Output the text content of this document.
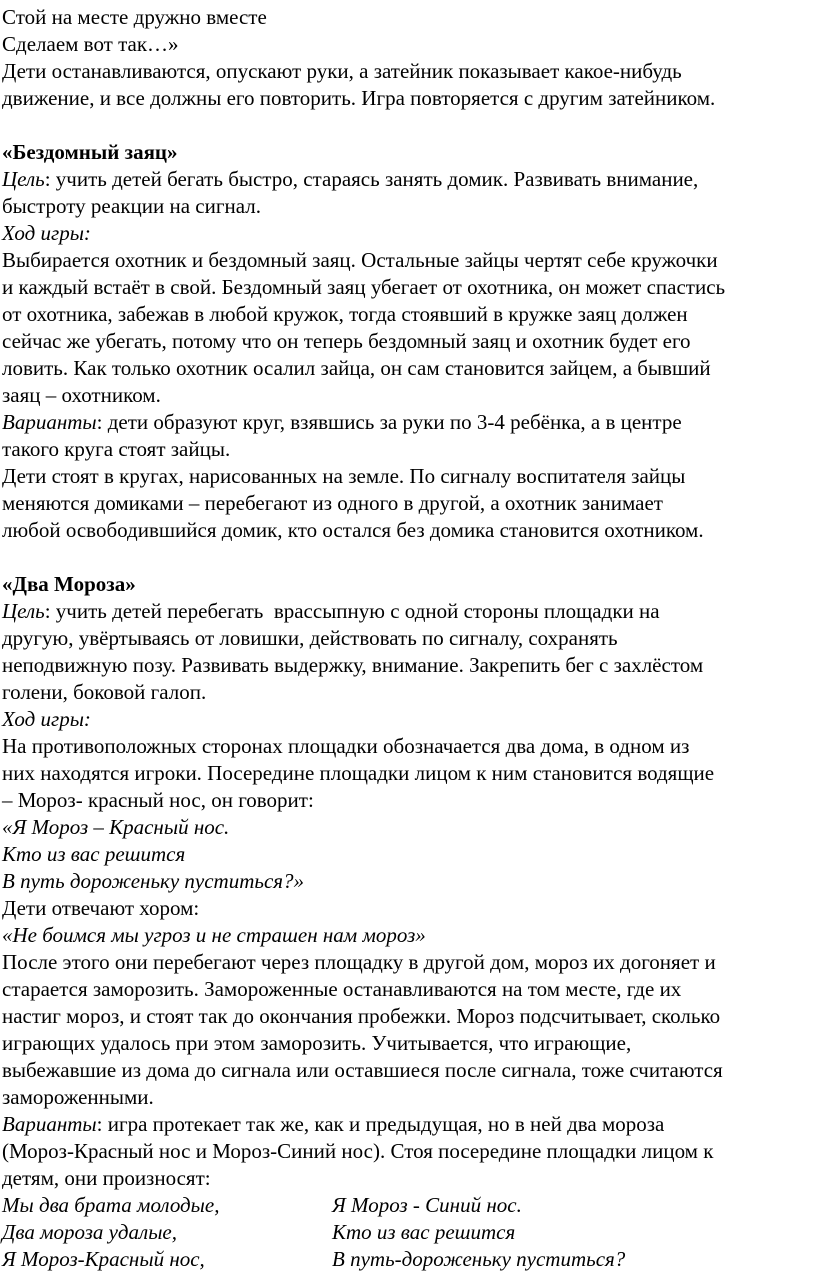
Стой на месте дружно вместе
Сделаем вот так…»
Дети останавливаются, опускают руки, а затейник показывает какое-нибудь
движение, и все должны его повторить. Игра повторяется с другим затейником.
«Бездомный заяц»
Цель: учить детей бегать быстро, стараясь занять домик. Развивать внимание,
быстроту реакции на сигнал.
Ход игры:
Выбирается охотник и бездомный заяц. Остальные зайцы чертят себе кружочки
и каждый встаёт в свой. Бездомный заяц убегает от охотника, он может спастись
от охотника, забежав в любой кружок, тогда стоявший в кружке заяц должен
сейчас же убегать, потому что он теперь бездомный заяц и охотник будет его
ловить. Как только охотник осалил зайца, он сам становится зайцем, а бывший
заяц – охотником.
Варианты: дети образуют круг, взявшись за руки по 3-4 ребёнка, а в центре
такого круга стоят зайцы.
Дети стоят в кругах, нарисованных на земле. По сигналу воспитателя зайцы
меняются домиками – перебегают из одного в другой, а охотник занимает
любой освободившийся домик, кто остался без домика становится охотником.
«Два Мороза»
Цель: учить детей перебегать  врассыпную с одной стороны площадки на
другую, увёртываясь от ловишки, действовать по сигналу, сохранять
неподвижную позу. Развивать выдержку, внимание. Закрепить бег с захлёстом
голени, боковой галоп.
Ход игры:
На противоположных сторонах площадки обозначается два дома, в одном из
них находятся игроки. Посередине площадки лицом к ним становится водящие
– Мороз- красный нос, он говорит:
«Я Мороз – Красный нос.
Кто из вас решится
В путь дороженьку пуститься?»
Дети отвечают хором:
«Не боимся мы угроз и не страшен нам мороз»
После этого они перебегают через площадку в другой дом, мороз их догоняет и
старается заморозить. Замороженные останавливаются на том месте, где их
настиг мороз, и стоят так до окончания пробежки. Мороз подсчитывает, сколько
играющих удалось при этом заморозить. Учитывается, что играющие,
выбежавшие из дома до сигнала или оставшиеся после сигнала, тоже считаются
замороженными.
Варианты: игра протекает так же, как и предыдущая, но в ней два мороза
(Мороз-Красный нос и Мороз-Синий нос). Стоя посередине площадки лицом к
детям, они произносят:
Мы два брата молодые,	Я Мороз - Синий нос.
Два мороза удалые,	Кто из вас решится
Я Мороз-Красный нос,	В путь-дороженьку пуститься?
